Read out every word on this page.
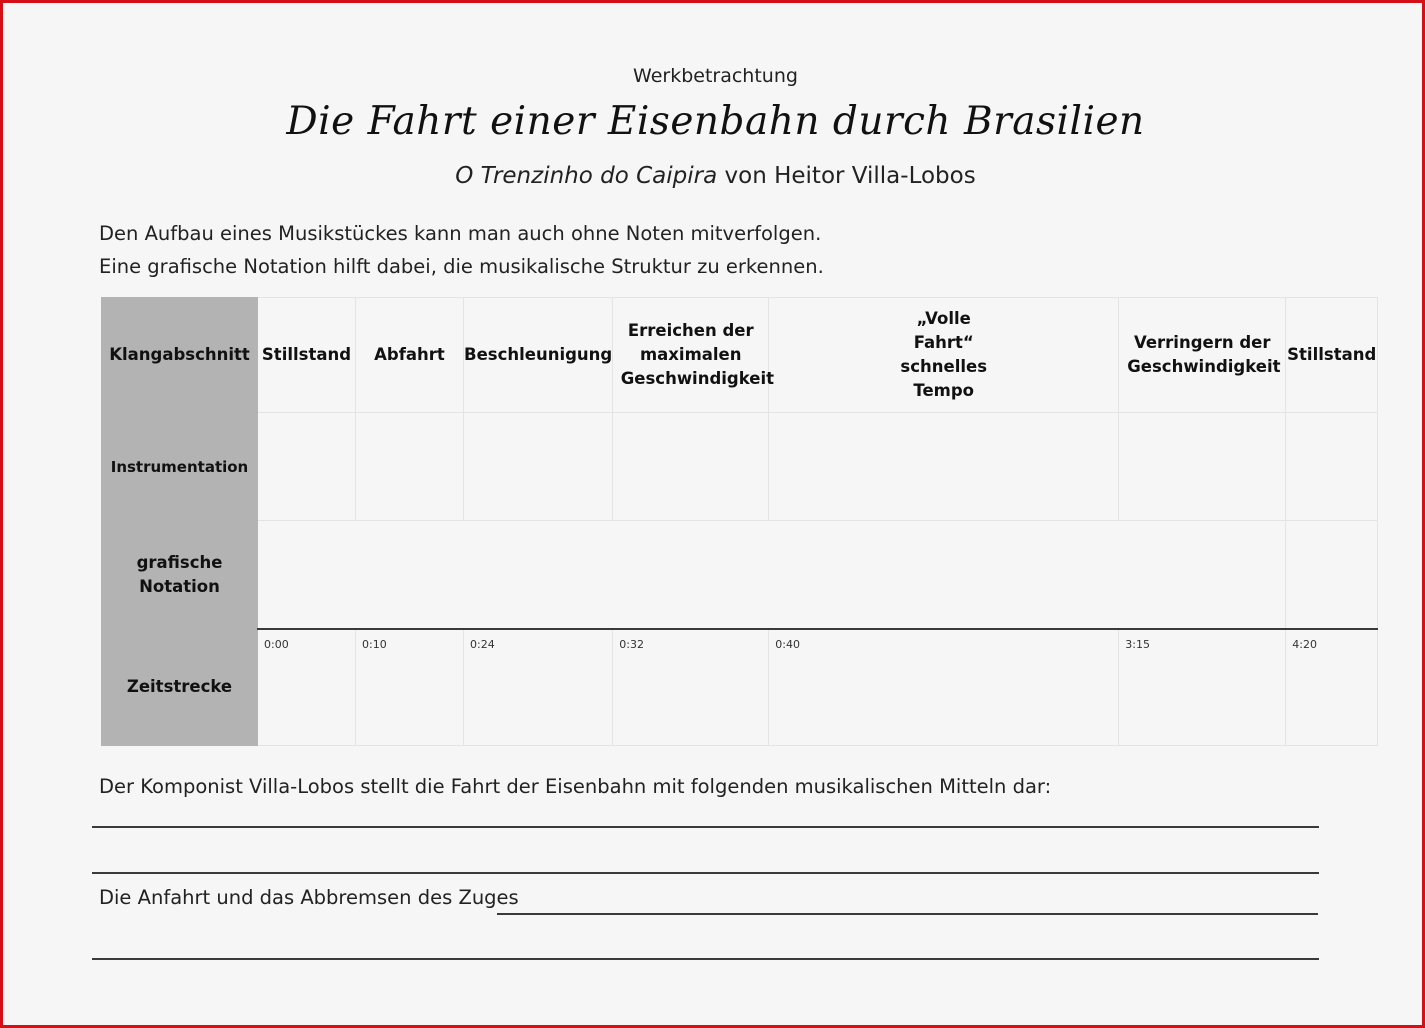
Werkbetrachtung
Die Fahrt einer Eisenbahn durch Brasilien
O Trenzinho do Caipira von Heitor Villa-Lobos
Den Aufbau eines Musikstückes kann man auch ohne Noten mitverfolgen.
Eine grafische Notation hilft dabei, die musikalische Struktur zu erkennen.
Klangabschnitt	Stillstand	Abfahrt	Beschleunigung	Erreichen der maximalen Geschwindigkeit	„Volle Fahrt“ schnelles Tempo	Verringern der Geschwindigkeit	Stillstand
Instrumentation							

grafische Notation							

Zeitstrecke	0:00	0:10	0:24	0:32	0:40	3:15	4:20
Der Komponist Villa-Lobos stellt die Fahrt der Eisenbahn mit folgenden musikalischen Mitteln dar:
Die Anfahrt und das Abbremsen des Zuges
